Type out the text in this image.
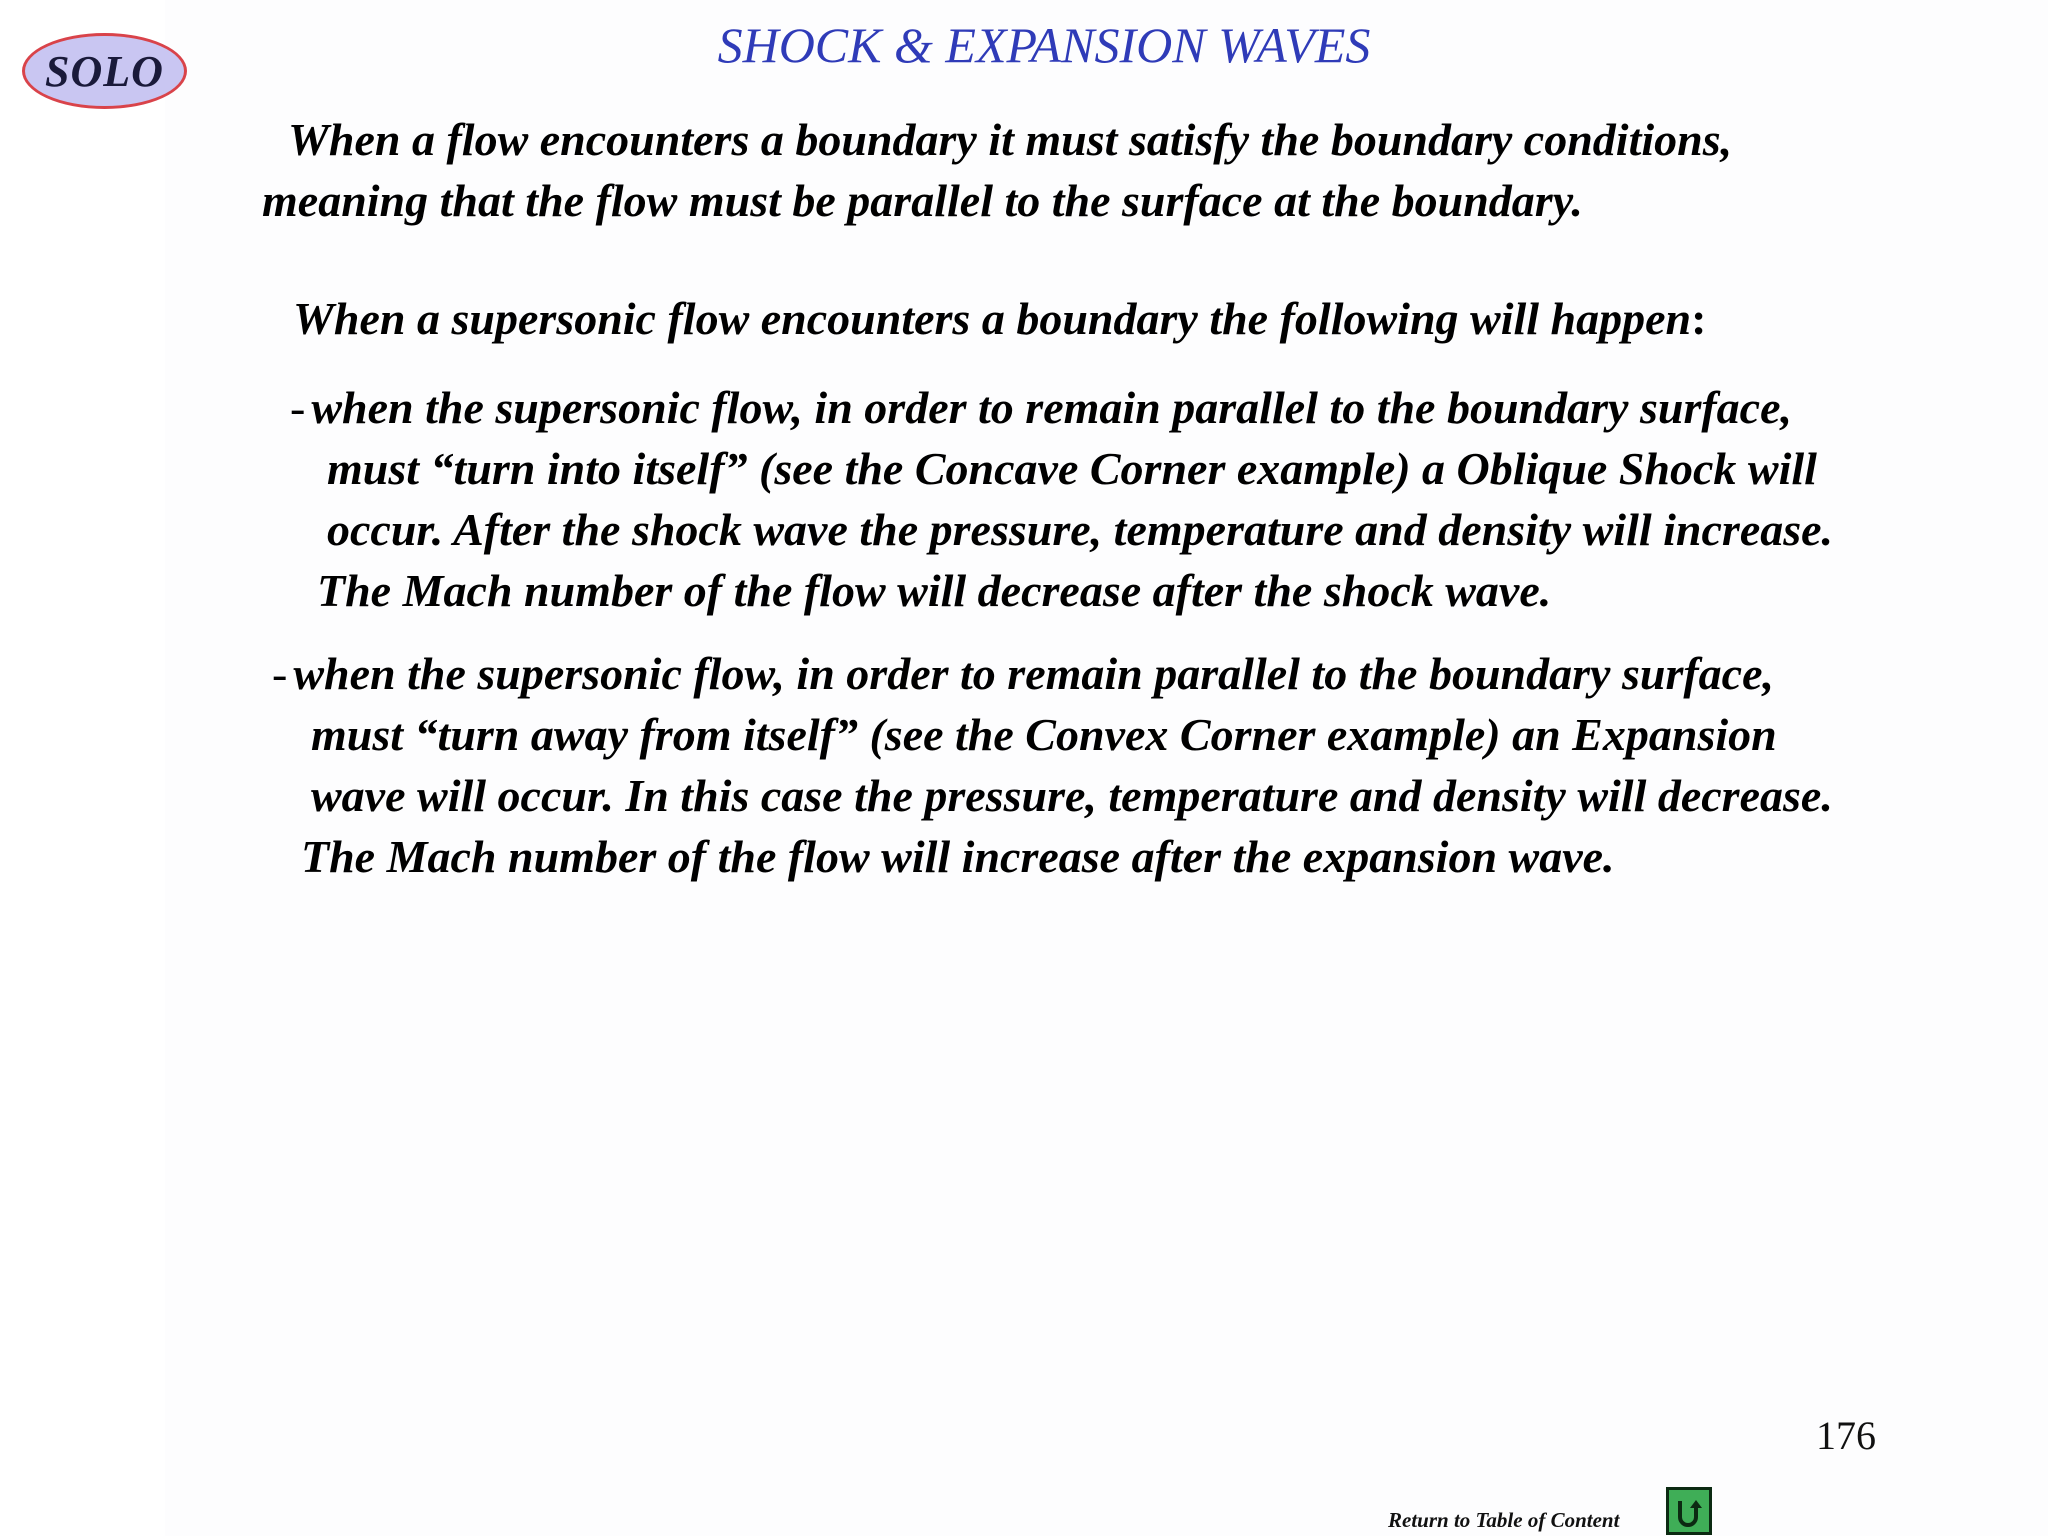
SOLO	SHOCK & EXPANSION WAVES
When a flow encounters a boundary it must satisfy the boundary conditions,
meaning that the flow must be parallel to the surface at the boundary.
When a supersonic flow encounters a boundary the following will happen:
- when the supersonic flow, in order to remain parallel to the boundary surface,
must “turn into itself” (see the Concave Corner example) a Oblique Shock will
occur. After the shock wave the pressure, temperature and density will increase.
The Mach number of the flow will decrease after the shock wave.
- when the supersonic flow, in order to remain parallel to the boundary surface,
must “turn away from itself” (see the Convex Corner example) an Expansion
wave will occur. In this case the pressure, temperature and density will decrease.
The Mach number of the flow will increase after the expansion wave.
176
Return to Table of Content
